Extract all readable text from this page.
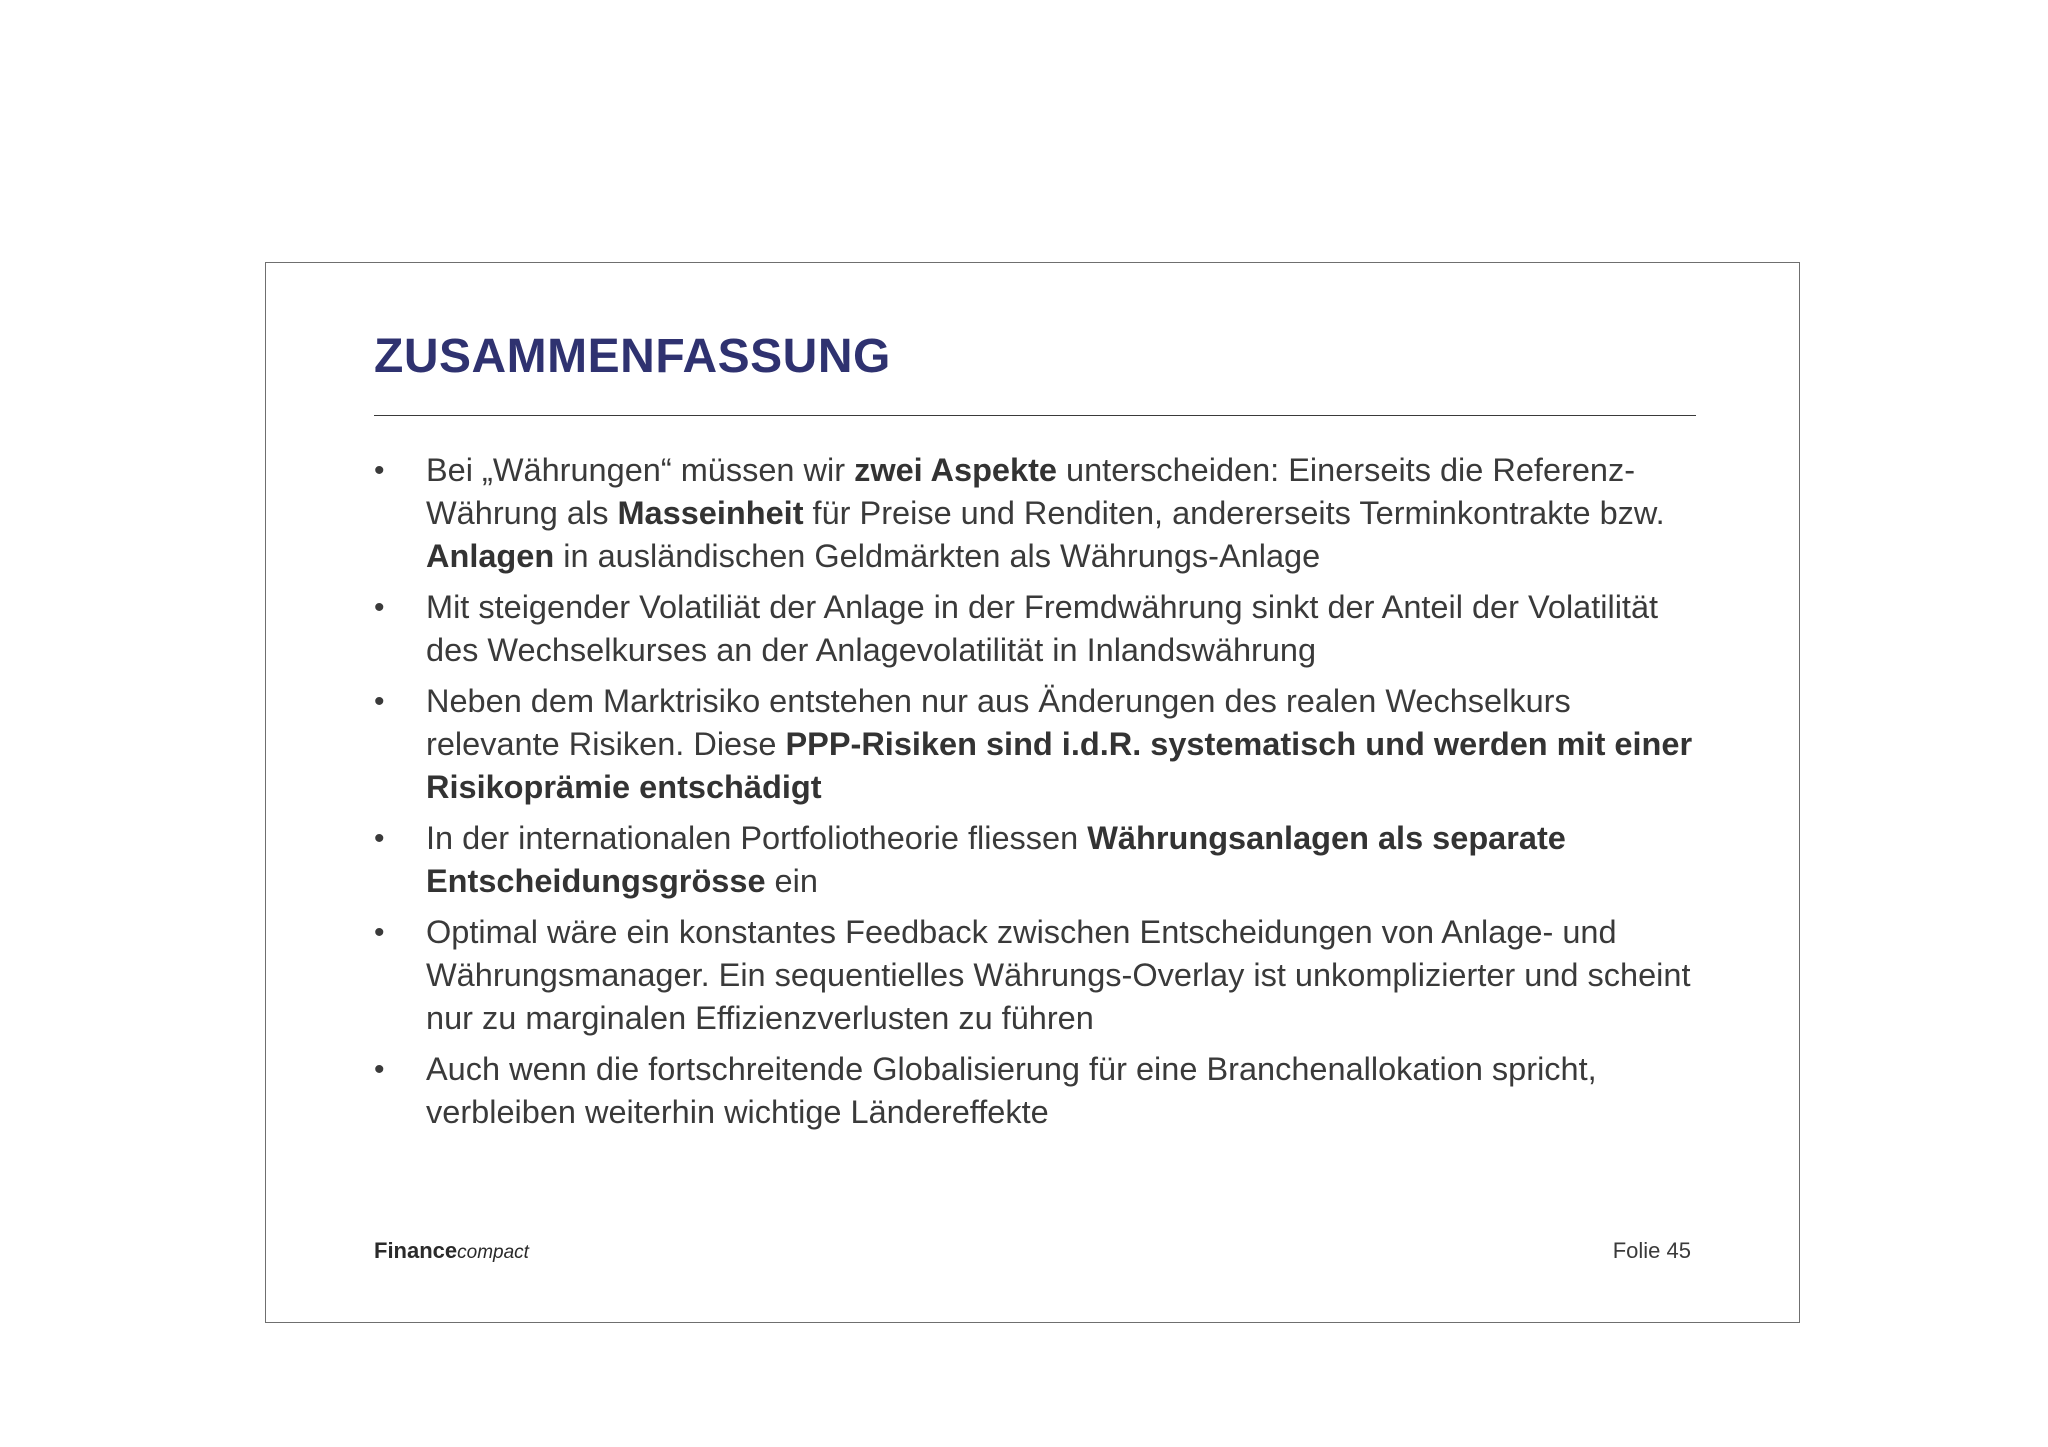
ZUSAMMENFASSUNG
• Bei „Währungen“ müssen wir zwei Aspekte unterscheiden: Einerseits die Referenz-Währung als Masseinheit für Preise und Renditen, andererseits Terminkontrakte bzw. Anlagen in ausländischen Geldmärkten als Währungs-Anlage
• Mit steigender Volatiliät der Anlage in der Fremdwährung sinkt der Anteil der Volatilität des Wechselkurses an der Anlagevolatilität in Inlandswährung
• Neben dem Marktrisiko entstehen nur aus Änderungen des realen Wechselkurs relevante Risiken. Diese PPP-Risiken sind i.d.R. systematisch und werden mit einer Risikoprämie entschädigt
• In der internationalen Portfoliotheorie fliessen Währungsanlagen als separate Entscheidungsgrösse ein
• Optimal wäre ein konstantes Feedback zwischen Entscheidungen von Anlage- und Währungsmanager. Ein sequentielles Währungs-Overlay ist unkomplizierter und scheint nur zu marginalen Effizienzverlusten zu führen
• Auch wenn die fortschreitende Globalisierung für eine Branchenallokation spricht, verbleiben weiterhin wichtige Ländereffekte
Financecompact	Folie 45
